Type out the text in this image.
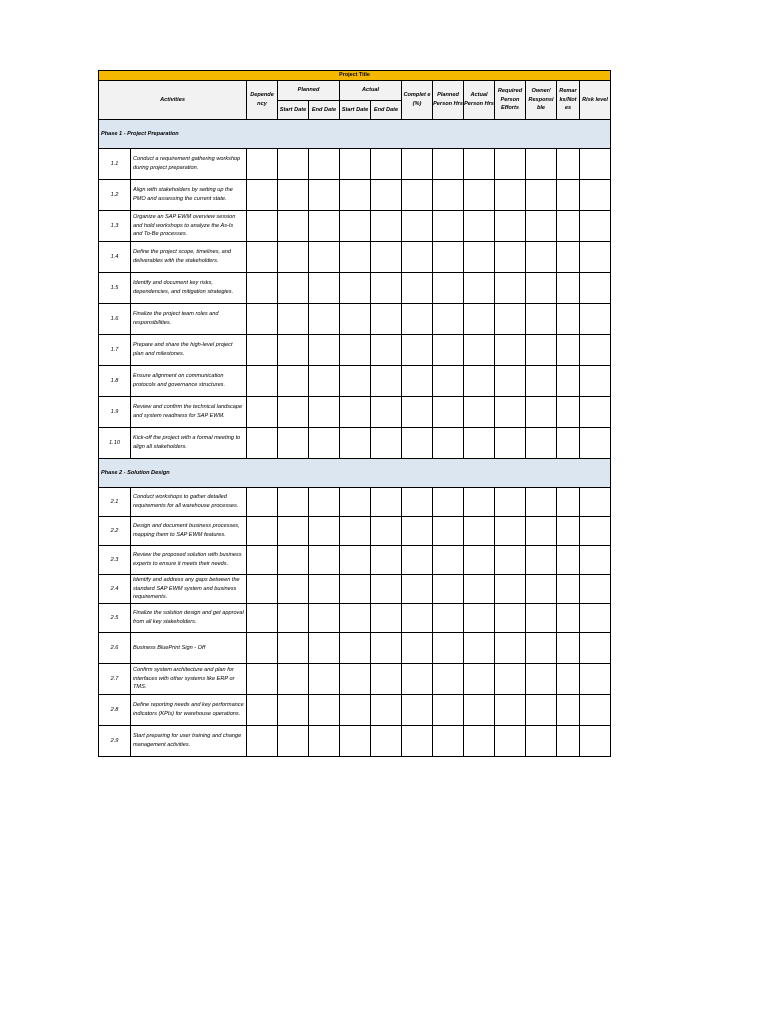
Project Title													
Activities		Depende ncy	Planned		Actual		Complet e (%)	Planned Person Hrs	Actual Person Hrs	Required Person Efforts	Owner/ Responsi ble	Remar ks/Not es	Risk level
			Start Date	End Date	Start Date	End Date							
Phase 1 - Project Preparation													
1.1	Conduct a requirement gathering workshop during project preparation.												
1.2	Align with stakeholders by setting up the PMO and assessing the current state.												
1.3	Organize an SAP EWM overview session and hold workshops to analyze the As-Is and To-Be processes.												
1.4	Define the project scope, timelines, and deliverables with the stakeholders.												
1.5	Identify and document key risks, dependencies, and mitigation strategies.												
1.6	Finalize the project team roles and responsibilities.												
1.7	Prepare and share the high-level project plan and milestones.												
1.8	Ensure alignment on communication protocols and governance structures.												
1.9	Review and confirm the technical landscape and system readiness for SAP EWM.												
1.10	Kick-off the project with a formal meeting to align all stakeholders.												
Phase 2 - Solution Design													
2.1	Conduct workshops to gather detailed requirements for all warehouse processes.												
2.2	Design and document business processes, mapping them to SAP EWM features.												
2.3	Review the proposed solution with business experts to ensure it meets their needs.												
2.4	Identify and address any gaps between the standard SAP EWM system and business requirements.												
2.5	Finalize the solution design and get approval from all key stakeholders.												
2.6	Business BluePrint Sign - Off												
2.7	Confirm system architecture and plan for interfaces with other systems like ERP or TMS.												
2.8	Define reporting needs and key performance indicators (KPIs) for warehouse operations.												
2.9	Start preparing for user training and change management activities.												
